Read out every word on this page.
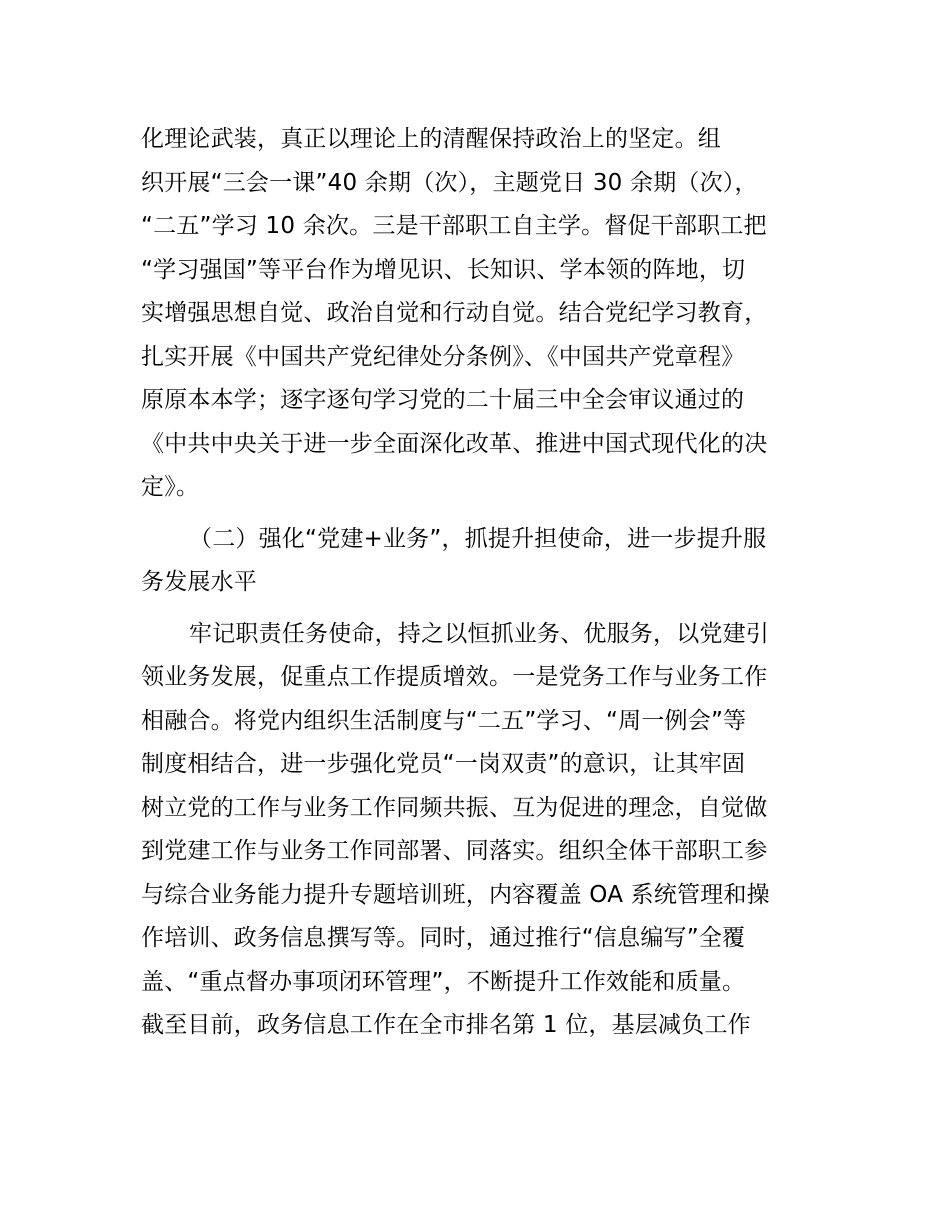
化理论武装，真正以理论上的清醒保持政治上的坚定。组
织开展“三会一课”40 余期（次），主题党日 30 余期（次），
“二五”学习 10 余次。三是干部职工自主学。督促干部职工把
“学习强国”等平台作为增见识、长知识、学本领的阵地，切
实增强思想自觉、政治自觉和行动自觉。结合党纪学习教育，
扎实开展《中国共产党纪律处分条例》、《中国共产党章程》
原原本本学；逐字逐句学习党的二十届三中全会审议通过的
《中共中央关于进一步全面深化改革、推进中国式现代化的决
定》。
（二）强化“党建+业务”，抓提升担使命，进一步提升服
务发展水平
牢记职责任务使命，持之以恒抓业务、优服务，以党建引
领业务发展，促重点工作提质增效。一是党务工作与业务工作
相融合。将党内组织生活制度与“二五”学习、“周一例会”等
制度相结合，进一步强化党员“一岗双责”的意识，让其牢固
树立党的工作与业务工作同频共振、互为促进的理念，自觉做
到党建工作与业务工作同部署、同落实。组织全体干部职工参
与综合业务能力提升专题培训班，内容覆盖 OA 系统管理和操
作培训、政务信息撰写等。同时，通过推行“信息编写”全覆
盖、“重点督办事项闭环管理”，不断提升工作效能和质量。
截至目前，政务信息工作在全市排名第 1 位，基层减负工作
